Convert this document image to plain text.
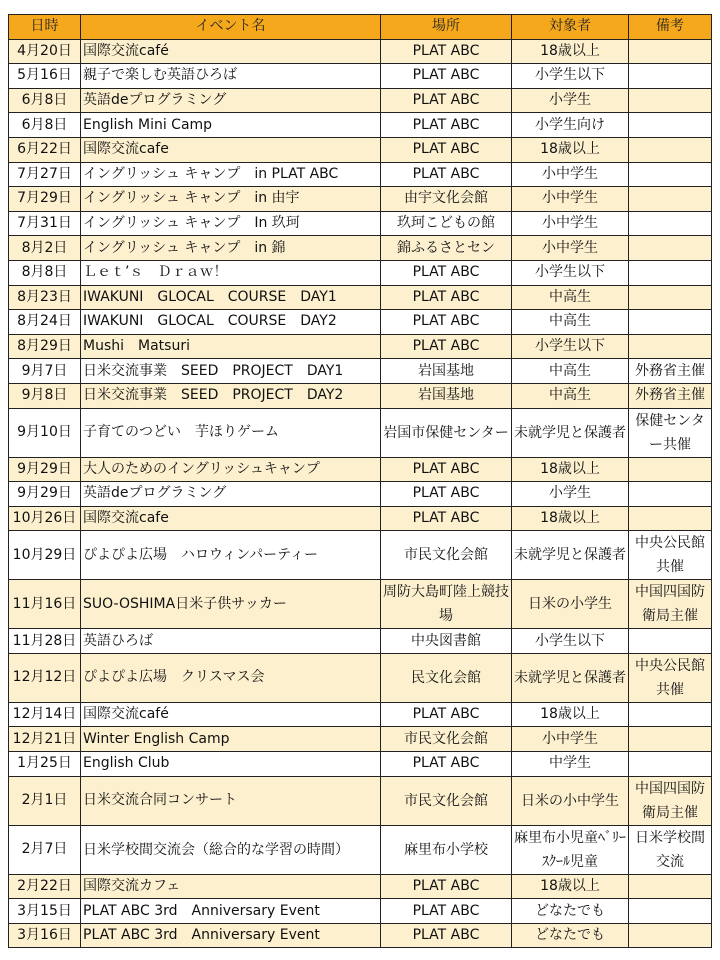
日時	イベント名	場所	対象者	備考
4月20日	国際交流café	PLAT ABC	18歳以上	
5月16日	親子で楽しむ英語ひろば	PLAT ABC	小学生以下	
6月8日	英語deプログラミング	PLAT ABC	小学生	
6月8日	English Mini Camp	PLAT ABC	小学生向け	
6月22日	国際交流cafe	PLAT ABC	18歳以上	
7月27日	イングリッシュ キャンプ　in PLAT ABC	PLAT ABC	小中学生	
7月29日	イングリッシュ キャンプ　in 由宇	由宇文化会館	小中学生	
7月31日	イングリッシュ キャンプ　In 玖珂	玖珂こどもの館	小中学生	
8月2日	イングリッシュ キャンプ　in 錦	錦ふるさとセン	小中学生	
8月8日	Ｌｅｔ’ｓ　Ｄｒａｗ！	PLAT ABC	小学生以下	
8月23日	IWAKUNI　GLOCAL　COURSE　DAY1	PLAT ABC	中高生	
8月24日	IWAKUNI　GLOCAL　COURSE　DAY2	PLAT ABC	中高生	
8月29日	Mushi　Matsuri	PLAT ABC	小学生以下	
9月7日	日米交流事業　SEED　PROJECT　DAY1	岩国基地	中高生	外務省主催
9月8日	日米交流事業　SEED　PROJECT　DAY2	岩国基地	中高生	外務省主催
9月10日	子育てのつどい　芋ほりゲーム	岩国市保健センター	未就学児と保護者	保健センター共催
9月29日	大人のためのイングリッシュキャンプ	PLAT ABC	18歳以上	
9月29日	英語deプログラミング	PLAT ABC	小学生	
10月26日	国際交流cafe	PLAT ABC	18歳以上	
10月29日	ぴよぴよ広場　ハロウィンパーティー	市民文化会館	未就学児と保護者	中央公民館共催
11月16日	SUO-OSHIMA日米子供サッカー	周防大島町陸上競技場	日米の小学生	中国四国防衛局主催
11月28日	英語ひろば	中央図書館	小学生以下	
12月12日	ぴよぴよ広場　クリスマス会	民文化会館	未就学児と保護者	中央公民館共催
12月14日	国際交流café	PLAT ABC	18歳以上	
12月21日	Winter English Camp	市民文化会館	小中学生	
1月25日	English Club	PLAT ABC	中学生	
2月1日	日米交流合同コンサート	市民文化会館	日米の小中学生	中国四国防衛局主催
2月7日	日米学校間交流会（総合的な学習の時間）	麻里布小学校	麻里布小児童ﾍﾞﾘｰｽｸｰﾙ児童	日米学校間交流
2月22日	国際交流カフェ	PLAT ABC	18歳以上	
3月15日	PLAT ABC 3rd　Anniversary Event	PLAT ABC	どなたでも	
3月16日	PLAT ABC 3rd　Anniversary Event	PLAT ABC	どなたでも	
